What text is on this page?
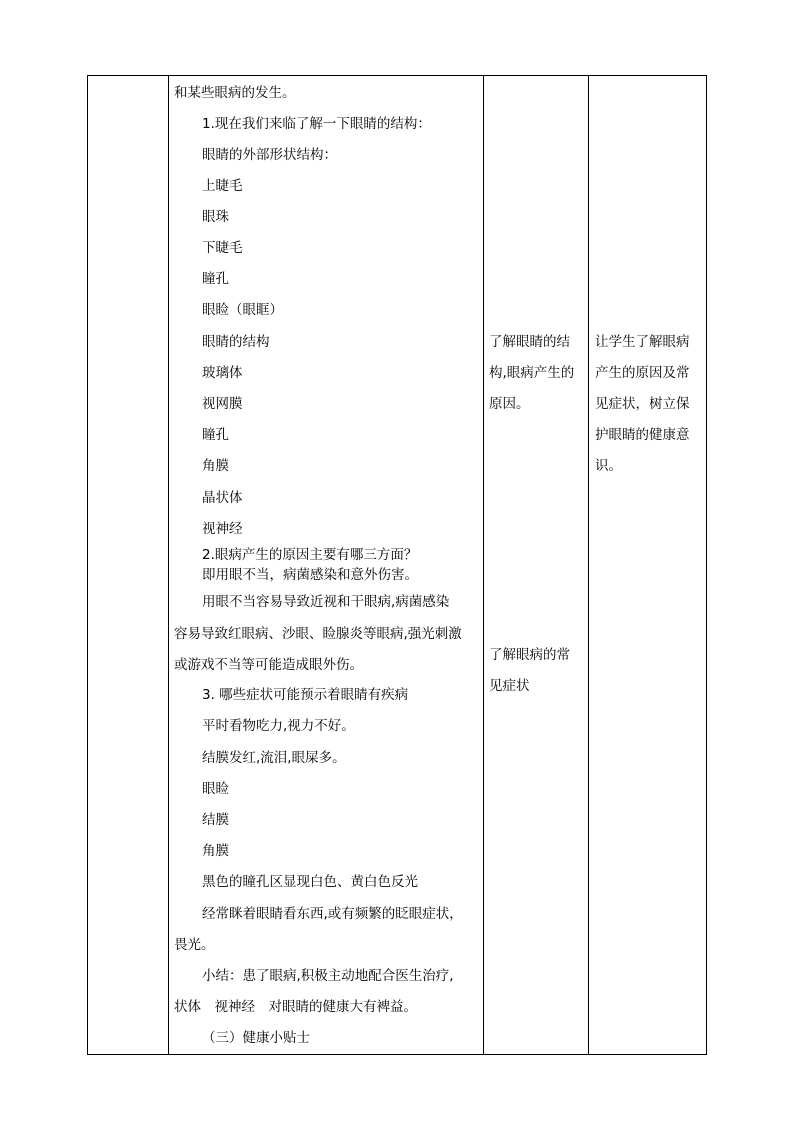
和某些眼病的发生。
1.现在我们来临了解一下眼睛的结构：
眼睛的外部形状结构：
上睫毛
眼珠
下睫毛
瞳孔
眼睑（眼眶）
眼睛的结构
玻璃体
视网膜
瞳孔
角膜
晶状体
视神经
2.眼病产生的原因主要有哪三方面？
即用眼不当，病菌感染和意外伤害。
用眼不当容易导致近视和干眼病,病菌感染
容易导致红眼病、沙眼、睑腺炎等眼病,强光刺激
或游戏不当等可能造成眼外伤。
3. 哪些症状可能预示着眼睛有疾病
平时看物吃力,视力不好。
结膜发红,流泪,眼屎多。
眼睑
结膜
角膜
黑色的瞳孔区显现白色、黄白色反光
经常眯着眼睛看东西,或有频繁的眨眼症状，
畏光。
小结：患了眼病,积极主动地配合医生治疗,
状体　视神经　对眼睛的健康大有裨益。
（三）健康小贴士
了解眼睛的结
构,眼病产生的
原因。
了解眼病的常
见症状
让学生了解眼病
产生的原因及常
见症状，树立保
护眼睛的健康意
识。
